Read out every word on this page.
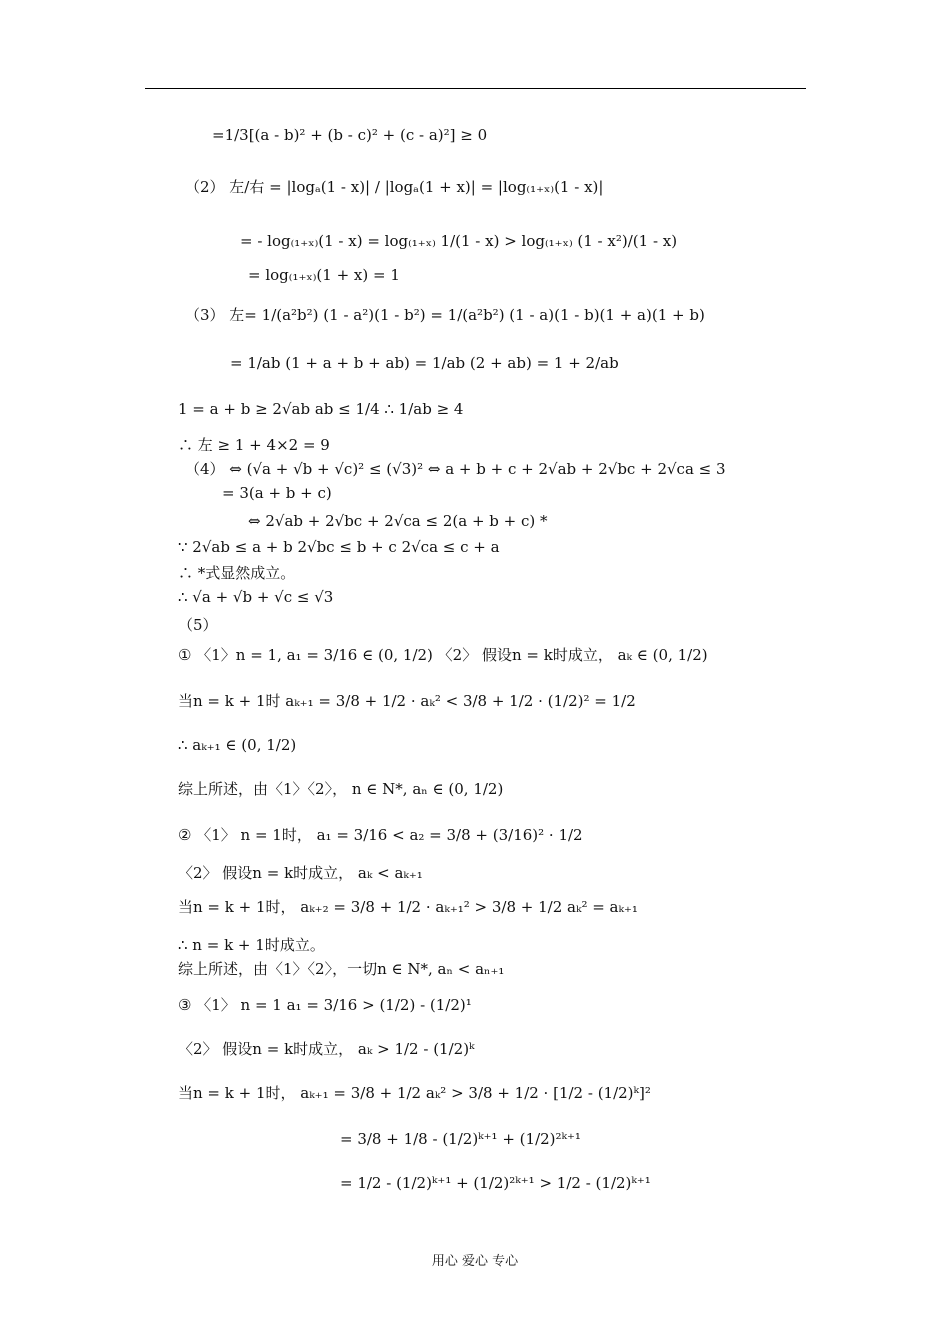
=1/3[(a - b)² + (b - c)² + (c - a)²] ≥ 0
（2） 左/右 = |logₐ(1 - x)| / |logₐ(1 + x)| = |log₍₁₊ₓ₎(1 - x)|
= - log₍₁₊ₓ₎(1 - x) = log₍₁₊ₓ₎ 1/(1 - x) > log₍₁₊ₓ₎ (1 - x²)/(1 - x)
= log₍₁₊ₓ₎(1 + x) = 1
（3） 左= 1/(a²b²) (1 - a²)(1 - b²) = 1/(a²b²) (1 - a)(1 - b)(1 + a)(1 + b)
= 1/ab (1 + a + b + ab) = 1/ab (2 + ab) = 1 + 2/ab
1 = a + b ≥ 2√ab ab ≤ 1/4 ∴ 1/ab ≥ 4
∴ 左 ≥ 1 + 4×2 = 9
（4） ⇔ (√a + √b + √c)² ≤ (√3)² ⇔ a + b + c + 2√ab + 2√bc + 2√ca ≤ 3
= 3(a + b + c)
⇔ 2√ab + 2√bc + 2√ca ≤ 2(a + b + c) *
∵ 2√ab ≤ a + b 2√bc ≤ b + c 2√ca ≤ c + a
∴ *式显然成立。
∴ √a + √b + √c ≤ √3
（5）
① 〈1〉n = 1, a₁ = 3/16 ∈ (0, 1/2) 〈2〉 假设n = k时成立， aₖ ∈ (0, 1/2)
当n = k + 1时 aₖ₊₁ = 3/8 + 1/2 · aₖ² < 3/8 + 1/2 · (1/2)² = 1/2
∴ aₖ₊₁ ∈ (0, 1/2)
综上所述，由〈1〉〈2〉， n ∈ N*, aₙ ∈ (0, 1/2)
② 〈1〉 n = 1时， a₁ = 3/16 < a₂ = 3/8 + (3/16)² · 1/2
〈2〉 假设n = k时成立， aₖ < aₖ₊₁
当n = k + 1时， aₖ₊₂ = 3/8 + 1/2 · aₖ₊₁² > 3/8 + 1/2 aₖ² = aₖ₊₁
∴ n = k + 1时成立。
综上所述，由〈1〉〈2〉，一切n ∈ N*, aₙ < aₙ₊₁
③ 〈1〉 n = 1 a₁ = 3/16 > (1/2) - (1/2)¹
〈2〉 假设n = k时成立， aₖ > 1/2 - (1/2)ᵏ
当n = k + 1时， aₖ₊₁ = 3/8 + 1/2 aₖ² > 3/8 + 1/2 · [1/2 - (1/2)ᵏ]²
= 3/8 + 1/8 - (1/2)ᵏ⁺¹ + (1/2)²ᵏ⁺¹
= 1/2 - (1/2)ᵏ⁺¹ + (1/2)²ᵏ⁺¹ > 1/2 - (1/2)ᵏ⁺¹
用心 爱心 专心
